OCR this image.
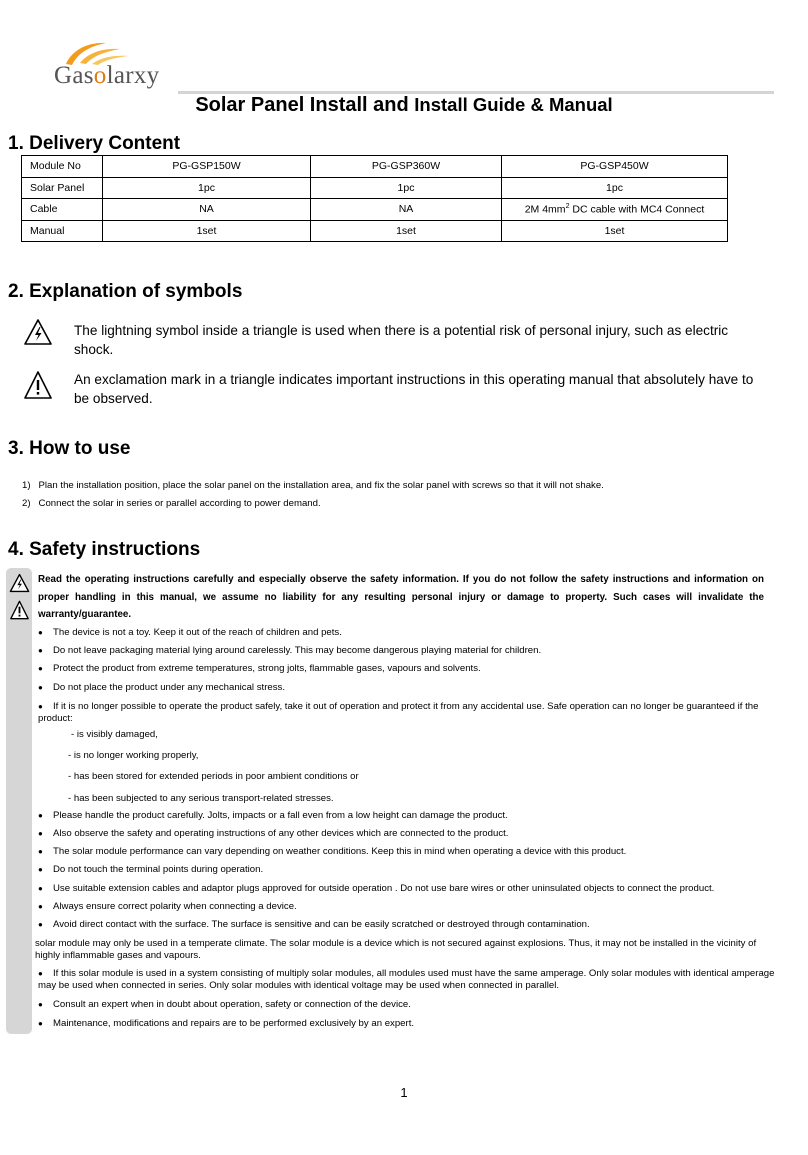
Gasolarxy
Solar Panel Install and Install Guide & Manual
1. Delivery Content
Module No	PG-GSP150W	PG-GSP360W	PG-GSP450W
Solar Panel	1pc	1pc	1pc
Cable	NA	NA	2M $4mm^2$ DC cable with MC4 Connect
Manual	1set	1set	1set
2. Explanation of symbols
The lightning symbol inside a triangle is used when there is a potential risk of personal injury, such as electric shock.
An exclamation mark in a triangle indicates important instructions in this operating manual that absolutely have to be observed.
3. How to use
1) Plan the installation position, place the solar panel on the installation area, and fix the solar panel with screws so that it will not shake.
2) Connect the solar in series or parallel according to power demand.
4. Safety instructions
Read the operating instructions carefully and especially observe the safety information. If you do not follow the safety instructions and information on proper handling in this manual, we assume no liability for any resulting personal injury or damage to property. Such cases will invalidate the warranty/guarantee.
● The device is not a toy. Keep it out of the reach of children and pets.
● Do not leave packaging material lying around carelessly. This may become dangerous playing material for children.
● Protect the product from extreme temperatures, strong jolts, flammable gases, vapours and solvents.
● Do not place the product under any mechanical stress.
● If it is no longer possible to operate the product safely, take it out of operation and protect it from any accidental use. Safe operation can no longer be guaranteed if the product:
- is visibly damaged,
- is no longer working properly,
- has been stored for extended periods in poor ambient conditions or
- has been subjected to any serious transport-related stresses.
● Please handle the product carefully. Jolts, impacts or a fall even from a low height can damage the product.
● Also observe the safety and operating instructions of any other devices which are connected to the product.
● The solar module performance can vary depending on weather conditions. Keep this in mind when operating a device with this product.
● Do not touch the terminal points during operation.
● Use suitable extension cables and adaptor plugs approved for outside operation . Do not use bare wires or other uninsulated objects to connect the product.
● Always ensure correct polarity when connecting a device.
● Avoid direct contact with the surface. The surface is sensitive and can be easily scratched or destroyed through contamination.
solar module may only be used in a temperate climate. The solar module is a device which is not secured against explosions. Thus, it may not be installed in the vicinity of highly inflammable gases and vapours.
● If this solar module is used in a system consisting of multiply solar modules, all modules used must have the same amperage. Only solar modules with identical amperage may be used when connected in series. Only solar modules with identical voltage may be used when connected in parallel.
● Consult an expert when in doubt about operation, safety or connection of the device.
● Maintenance, modifications and repairs are to be performed exclusively by an expert.
1
